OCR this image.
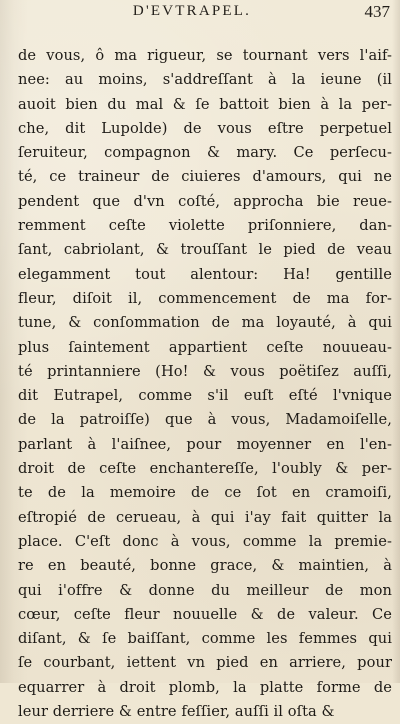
D'EVTRAPEL.	437
de vous, ô ma rigueur, se tournant vers l'aif-
nee: au moins, s'addreſſant à la ieune (il
auoit bien du mal & ſe battoit bien à la per-
che, dit Lupolde) de vous eſtre perpetuel
ſeruiteur, compagnon & mary. Ce perſecu-
té, ce traineur de ciuieres d'amours, qui ne
pendent que d'vn coſté, approcha bie reue-
remment ceſte violette priſonniere, dan-
ſant, cabriolant, & trouſſant le pied de veau
elegamment tout alentour: Ha! gentille
fleur, diſoit il, commencement de ma for-
tune, & conſommation de ma loyauté, à qui
plus ſaintement appartient ceſte nouueau-
té printanniere (Ho! & vous poëtiſez auſſi,
dit Eutrapel, comme s'il euſt eſté l'vnique
de la patroiſſe) que à vous, Madamoiſelle,
parlant à l'aiſnee, pour moyenner en l'en-
droit de ceſte enchantereſſe, l'oubly & per-
te de la memoire de ce ſot en cramoiſi,
eſtropié de cerueau, à qui i'ay fait quitter la
place. C'eſt donc à vous, comme la premie-
re en beauté, bonne grace, & maintien, à
qui i'offre & donne du meilleur de mon
cœur, ceſte fleur nouuelle & de valeur. Ce
diſant, & ſe baiſſant, comme les femmes qui
ſe courbant, iettent vn pied en arriere, pour
equarrer à droit plomb, la platte forme de
leur derriere & entre feſſier, auſſi il oſta &
